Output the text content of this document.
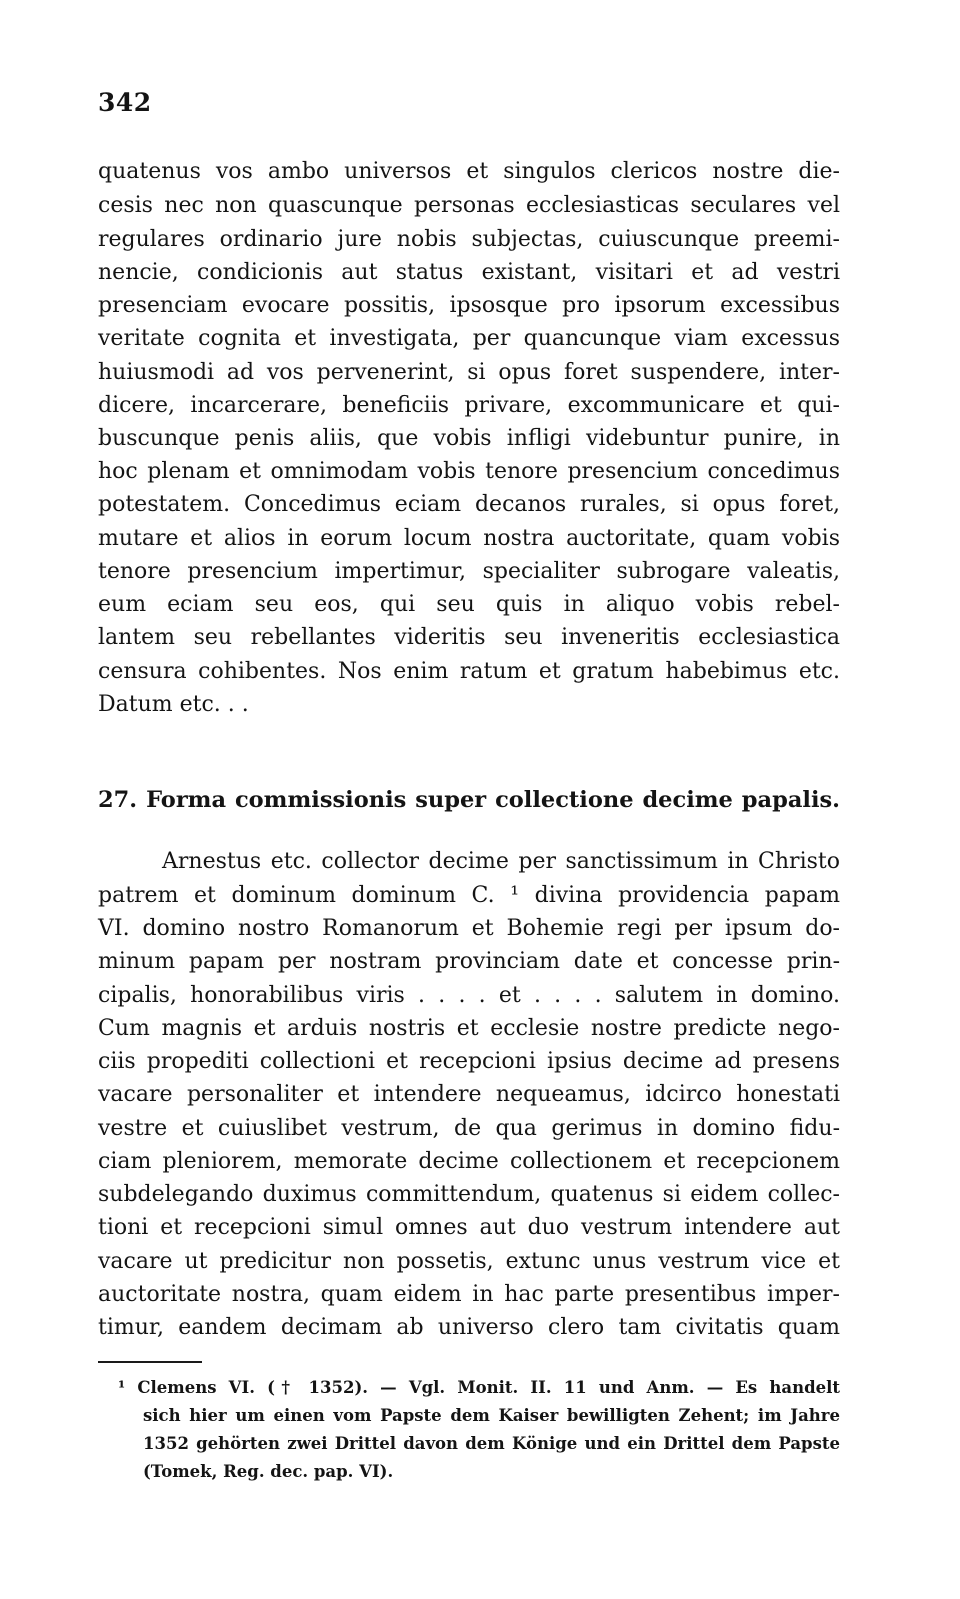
342
quatenus vos ambo universos et singulos clericos nostre die-
cesis nec non quascunque personas ecclesiasticas seculares vel
regulares ordinario jure nobis subjectas, cuiuscunque preemi-
nencie, condicionis aut status existant, visitari et ad vestri
presenciam evocare possitis, ipsosque pro ipsorum excessibus
veritate cognita et investigata, per quancunque viam excessus
huiusmodi ad vos pervenerint, si opus foret suspendere, inter-
dicere, incarcerare, beneficiis privare, excommunicare et qui-
buscunque penis aliis, que vobis infligi videbuntur punire, in
hoc plenam et omnimodam vobis tenore presencium concedimus
potestatem. Concedimus eciam decanos rurales, si opus foret,
mutare et alios in eorum locum nostra auctoritate, quam vobis
tenore presencium impertimur, specialiter subrogare valeatis,
eum eciam seu eos, qui seu quis in aliquo vobis rebel-
lantem seu rebellantes videritis seu inveneritis ecclesiastica
censura cohibentes. Nos enim ratum et gratum habebimus etc.
Datum etc. . .
27. Forma commissionis super collectione decime papalis.
Arnestus etc. collector decime per sanctissimum in Christo
patrem et dominum dominum C. ¹ divina providencia papam
VI. domino nostro Romanorum et Bohemie regi per ipsum do-
minum papam per nostram provinciam date et concesse prin-
cipalis, honorabilibus viris . . . . et . . . . salutem in domino.
Cum magnis et arduis nostris et ecclesie nostre predicte nego-
ciis propediti collectioni et recepcioni ipsius decime ad presens
vacare personaliter et intendere nequeamus, idcirco honestati
vestre et cuiuslibet vestrum, de qua gerimus in domino fidu-
ciam pleniorem, memorate decime collectionem et recepcionem
subdelegando duximus committendum, quatenus si eidem collec-
tioni et recepcioni simul omnes aut duo vestrum intendere aut
vacare ut predicitur non possetis, extunc unus vestrum vice et
auctoritate nostra, quam eidem in hac parte presentibus imper-
timur, eandem decimam ab universo clero tam civitatis quam
¹ Clemens VI. († 1352). — Vgl. Monit. II. 11 und Anm. — Es handelt
sich hier um einen vom Papste dem Kaiser bewilligten Zehent; im Jahre
1352 gehörten zwei Drittel davon dem Könige und ein Drittel dem Papste
(Tomek, Reg. dec. pap. VI).
